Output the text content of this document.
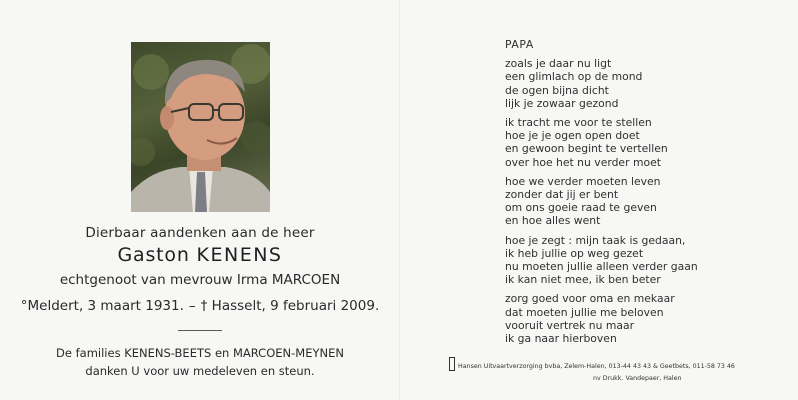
Dierbaar aandenken aan de heer
Gaston KENENS
echtgenoot van mevrouw Irma MARCOEN
°Meldert, 3 maart 1931. – † Hasselt, 9 februari 2009.
De families KENENS-BEETS en MARCOEN-MEYNEN
danken U voor uw medeleven en steun.
PAPA
zoals je daar nu ligt
een glimlach op de mond
de ogen bijna dicht
lijk je zowaar gezond
ik tracht me voor te stellen
hoe je je ogen open doet
en gewoon begint te vertellen
over hoe het nu verder moet
hoe we verder moeten leven
zonder dat jij er bent
om ons goeie raad te geven
en hoe alles went
hoe je zegt : mijn taak is gedaan,
ik heb jullie op weg gezet
nu moeten jullie alleen verder gaan
ik kan niet mee, ik ben beter
zorg goed voor oma en mekaar
dat moeten jullie me beloven
vooruit vertrek nu maar
ik ga naar hierboven
Hansen Uitvaartverzorging bvba, Zelem-Halen, 013-44 43 43 & Geetbets, 011-58 73 46
nv Drukk. Vandepaer, Halen
